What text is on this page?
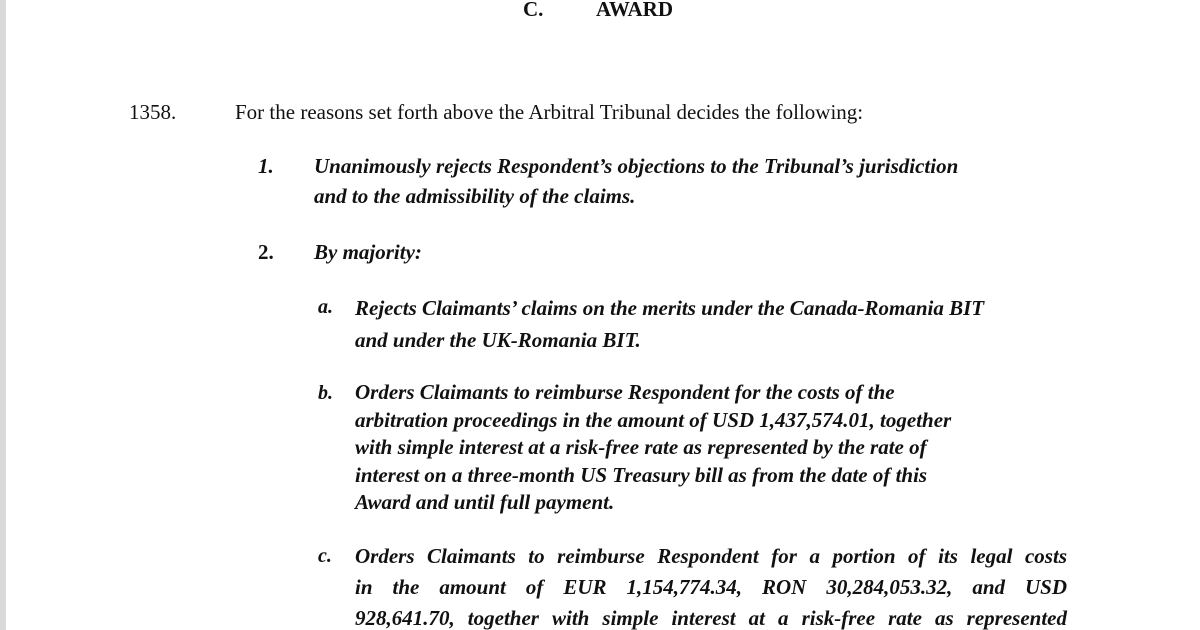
C.	AWARD
1358.	For the reasons set forth above the Arbitral Tribunal decides the following:
1. Unanimously rejects Respondent’s objections to the Tribunal’s jurisdiction
and to the admissibility of the claims.
2. By majority:
a. Rejects Claimants’ claims on the merits under the Canada-Romania BIT
and under the UK-Romania BIT.
b. Orders Claimants to reimburse Respondent for the costs of the
arbitration proceedings in the amount of USD 1,437,574.01, together
with simple interest at a risk-free rate as represented by the rate of
interest on a three-month US Treasury bill as from the date of this
Award and until full payment.
c. Orders Claimants to reimburse Respondent for a portion of its legal costs
in the amount of EUR 1,154,774.34, RON 30,284,053.32, and USD
928,641.70, together with simple interest at a risk-free rate as represented
